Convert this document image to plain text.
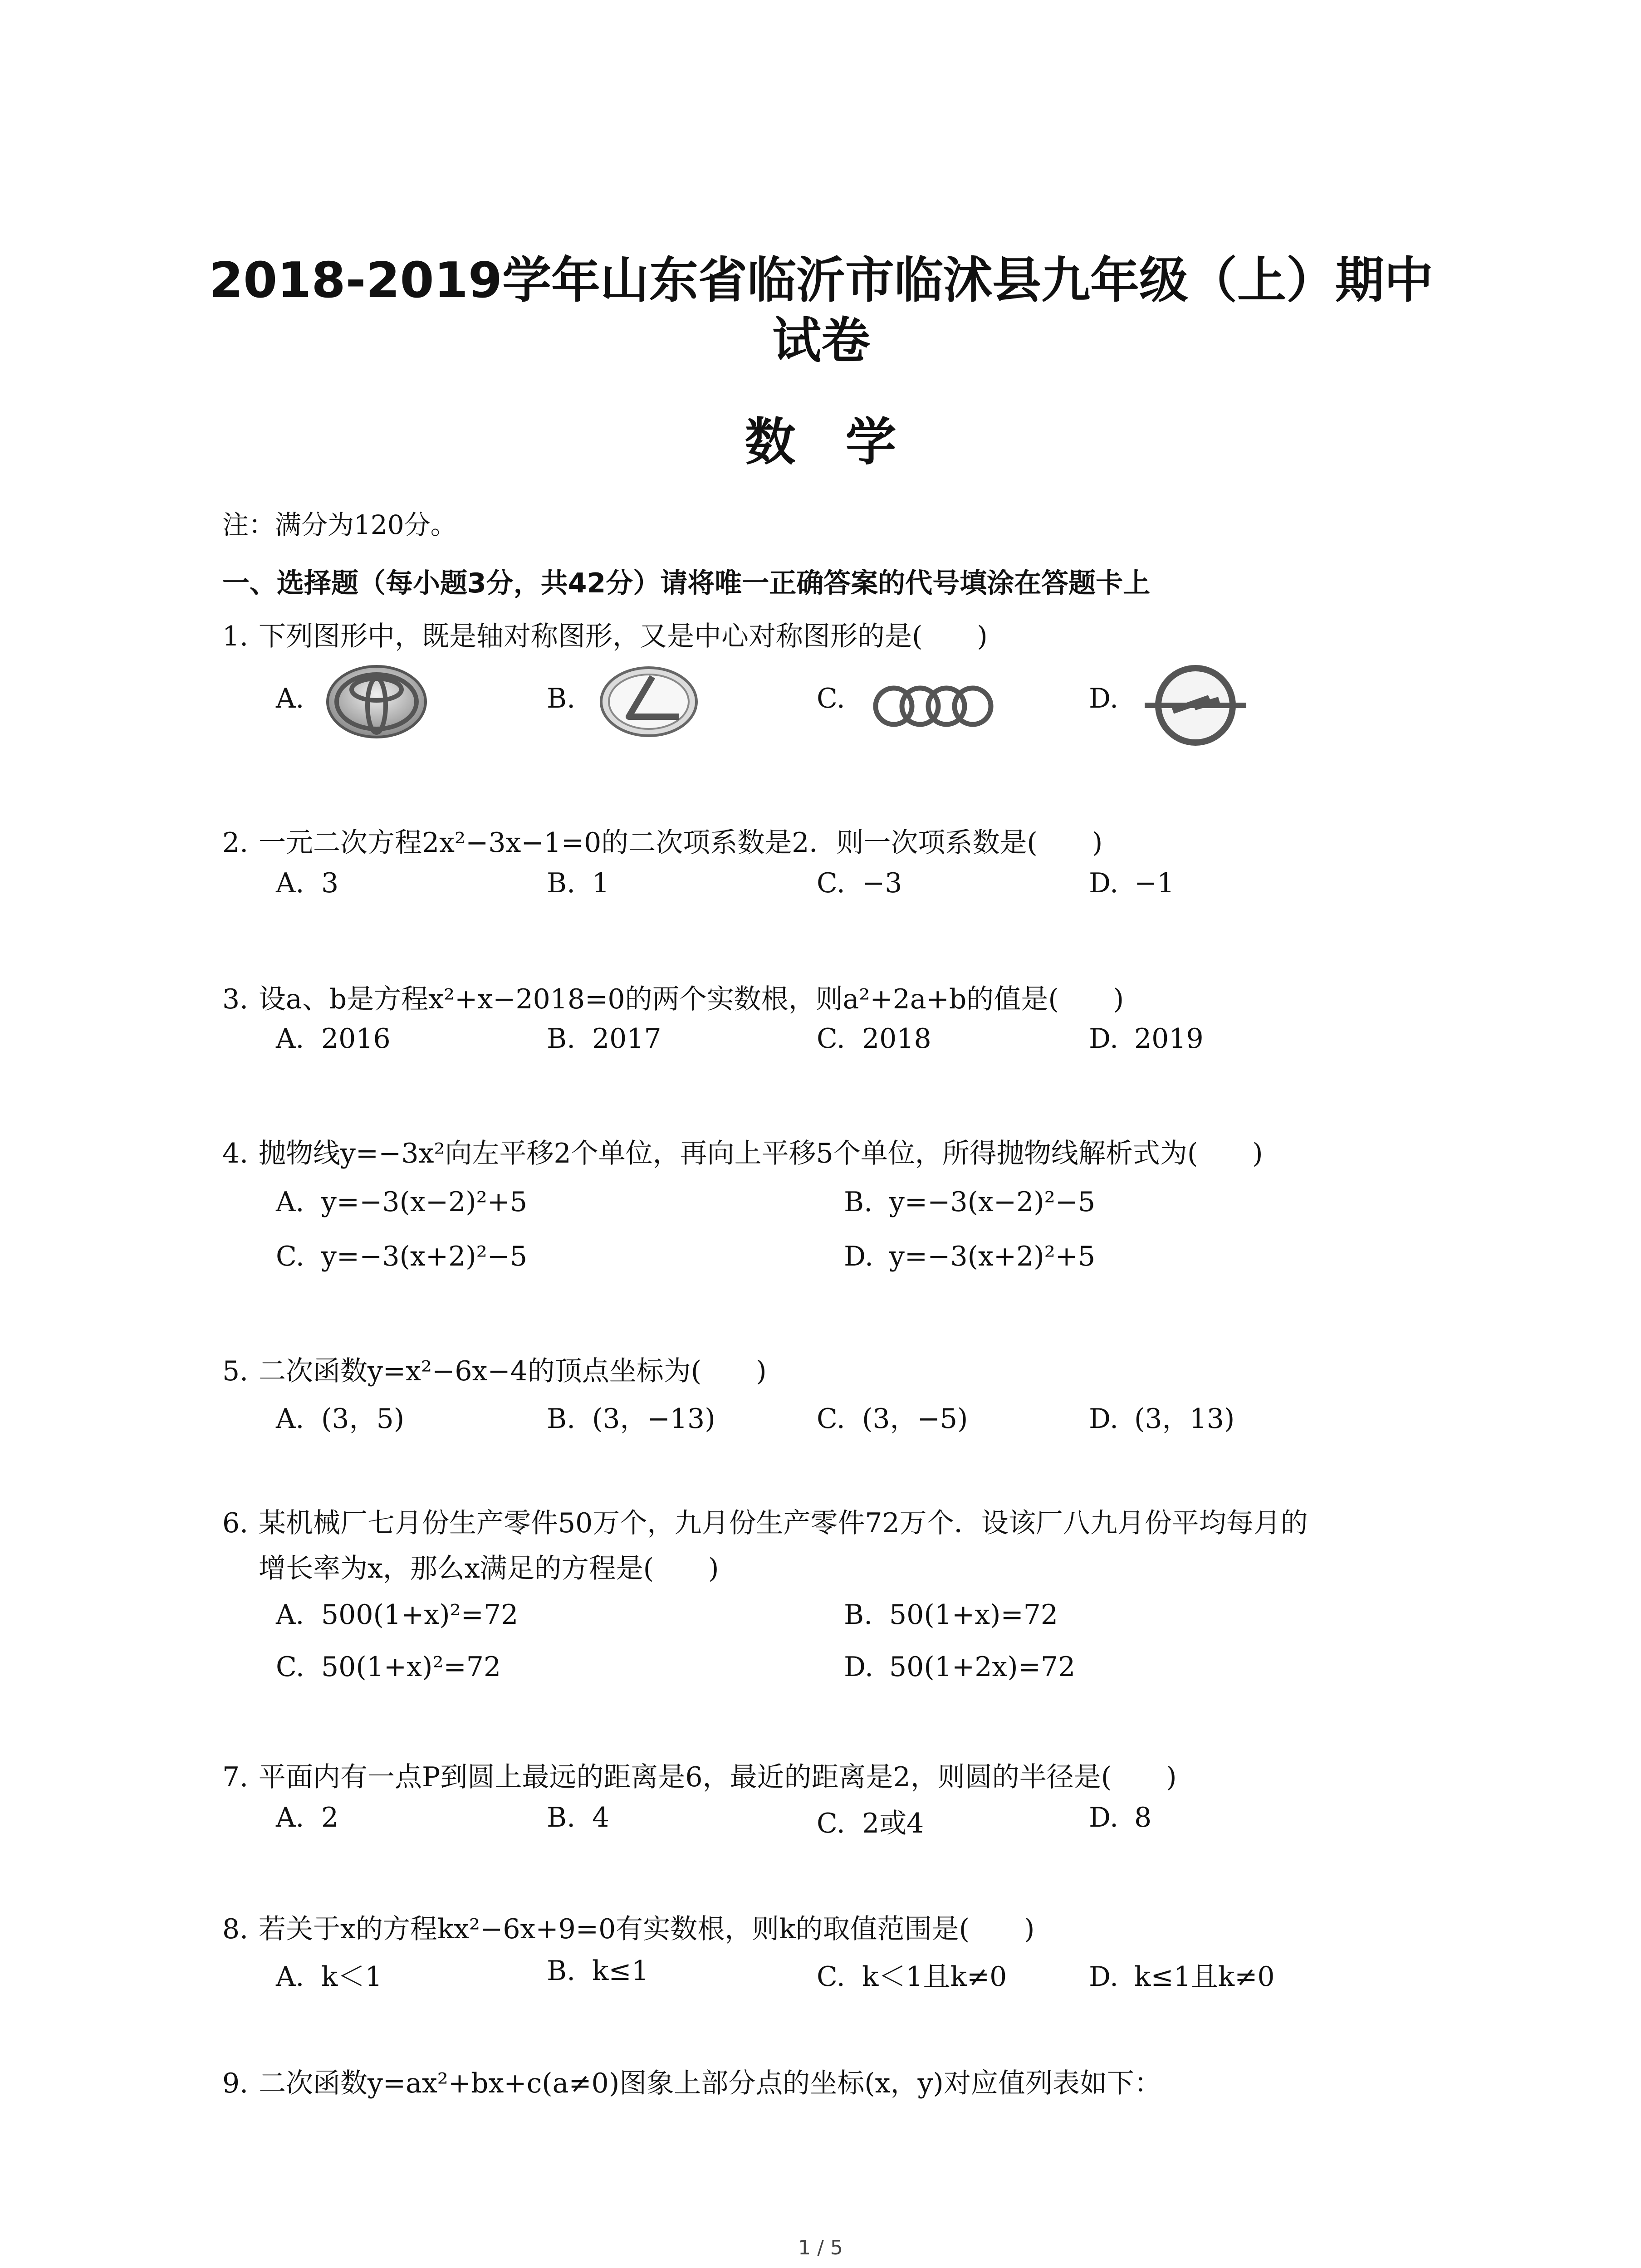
2018-2019学年山东省临沂市临沭县九年级（上）期中
试卷
数学
注：满分为120分。
一、选择题（每小题3分，共42分）请将唯一正确答案的代号填涂在答题卡上
1. 下列图形中，既是轴对称图形，又是中心对称图形的是(　　)
A.	B.	C.	D.
2. 一元二次方程2x²−3x−1=0的二次项系数是2．则一次项系数是(　　)
A. 3	B. 1	C. −3	D. −1
3. 设a、b是方程x²+x−2018=0的两个实数根，则a²+2a+b的值是(　　)
A. 2016	B. 2017	C. 2018	D. 2019
4. 抛物线y=−3x²向左平移2个单位，再向上平移5个单位，所得抛物线解析式为(　　)
A. y=−3(x−2)²+5	B. y=−3(x−2)²−5
C. y=−3(x+2)²−5	D. y=−3(x+2)²+5
5. 二次函数y=x²−6x−4的顶点坐标为(　　)
A. (3，5)	B. (3，−13)	C. (3，−5)	D. (3，13)
6. 某机械厂七月份生产零件50万个，九月份生产零件72万个．设该厂八九月份平均每月的
增长率为x，那么x满足的方程是(　　)
A. 500(1+x)²=72	B. 50(1+x)=72
C. 50(1+x)²=72	D. 50(1+2x)=72
7. 平面内有一点P到圆上最远的距离是6，最近的距离是2，则圆的半径是(　　)
A. 2	B. 4	C. 2或4	D. 8
8. 若关于x的方程kx²−6x+9=0有实数根，则k的取值范围是(　　)
A. k＜1	B. k≤1	C. k＜1且k≠0	D. k≤1且k≠0
9. 二次函数y=ax²+bx+c(a≠0)图象上部分点的坐标(x，y)对应值列表如下：
1 / 5
